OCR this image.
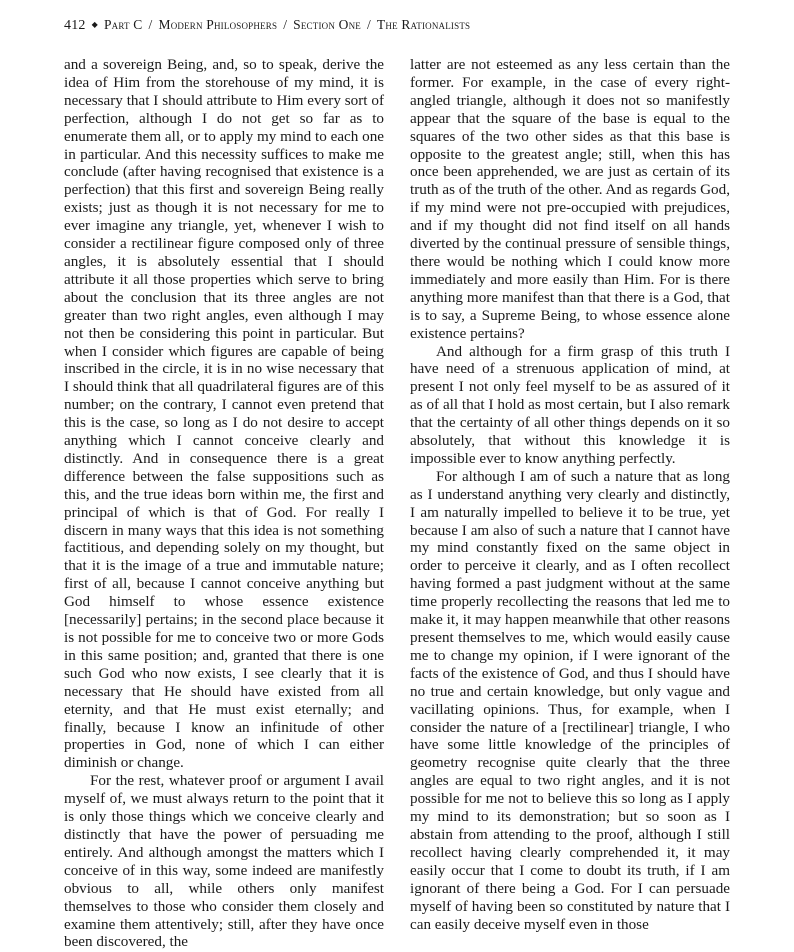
412 ◆ Part C / Modern Philosophers / Section One / The Rationalists

and a sovereign Being, and, so to speak, derive the idea of Him from the storehouse of my mind, it is necessary that I should attribute to Him every sort of perfection, although I do not get so far as to enumerate them all, or to apply my mind to each one in particular. And this necessity suffices to make me conclude (after having recognised that existence is a perfection) that this first and sovereign Being really exists; just as though it is not necessary for me to ever imagine any triangle, yet, whenever I wish to consider a rectilinear figure composed only of three angles, it is absolutely essential that I should attribute it all those properties which serve to bring about the conclusion that its three angles are not greater than two right angles, even although I may not then be considering this point in particular. But when I consider which figures are capable of being inscribed in the circle, it is in no wise necessary that I should think that all quadrilateral figures are of this number; on the contrary, I cannot even pretend that this is the case, so long as I do not desire to accept anything which I cannot conceive clearly and distinctly. And in consequence there is a great difference between the false suppositions such as this, and the true ideas born within me, the first and principal of which is that of God. For really I discern in many ways that this idea is not something factitious, and depending solely on my thought, but that it is the image of a true and immutable nature; first of all, because I cannot conceive anything but God himself to whose essence existence [necessarily] pertains; in the second place because it is not possible for me to conceive two or more Gods in this same position; and, granted that there is one such God who now exists, I see clearly that it is necessary that He should have existed from all eternity, and that He must exist eternally; and finally, because I know an infinitude of other properties in God, none of which I can either diminish or change.

For the rest, whatever proof or argument I avail myself of, we must always return to the point that it is only those things which we conceive clearly and distinctly that have the power of persuading me entirely. And although amongst the matters which I conceive of in this way, some indeed are manifestly obvious to all, while others only manifest themselves to those who consider them closely and examine them attentively; still, after they have once been discovered, the

latter are not esteemed as any less certain than the former. For example, in the case of every right-angled triangle, although it does not so manifestly appear that the square of the base is equal to the squares of the two other sides as that this base is opposite to the greatest angle; still, when this has once been apprehended, we are just as certain of its truth as of the truth of the other. And as regards God, if my mind were not pre-occupied with prejudices, and if my thought did not find itself on all hands diverted by the continual pressure of sensible things, there would be nothing which I could know more immediately and more easily than Him. For is there anything more manifest than that there is a God, that is to say, a Supreme Being, to whose essence alone existence pertains?

And although for a firm grasp of this truth I have need of a strenuous application of mind, at present I not only feel myself to be as assured of it as of all that I hold as most certain, but I also remark that the certainty of all other things depends on it so absolutely, that without this knowledge it is impossible ever to know anything perfectly.

For although I am of such a nature that as long as I understand anything very clearly and distinctly, I am naturally impelled to believe it to be true, yet because I am also of such a nature that I cannot have my mind constantly fixed on the same object in order to perceive it clearly, and as I often recollect having formed a past judgment without at the same time properly recollecting the reasons that led me to make it, it may happen meanwhile that other reasons present themselves to me, which would easily cause me to change my opinion, if I were ignorant of the facts of the existence of God, and thus I should have no true and certain knowledge, but only vague and vacillating opinions. Thus, for example, when I consider the nature of a [rectilinear] triangle, I who have some little knowledge of the principles of geometry recognise quite clearly that the three angles are equal to two right angles, and it is not possible for me not to believe this so long as I apply my mind to its demonstration; but so soon as I abstain from attending to the proof, although I still recollect having clearly comprehended it, it may easily occur that I come to doubt its truth, if I am ignorant of there being a God. For I can persuade myself of having been so constituted by nature that I can easily deceive myself even in those
